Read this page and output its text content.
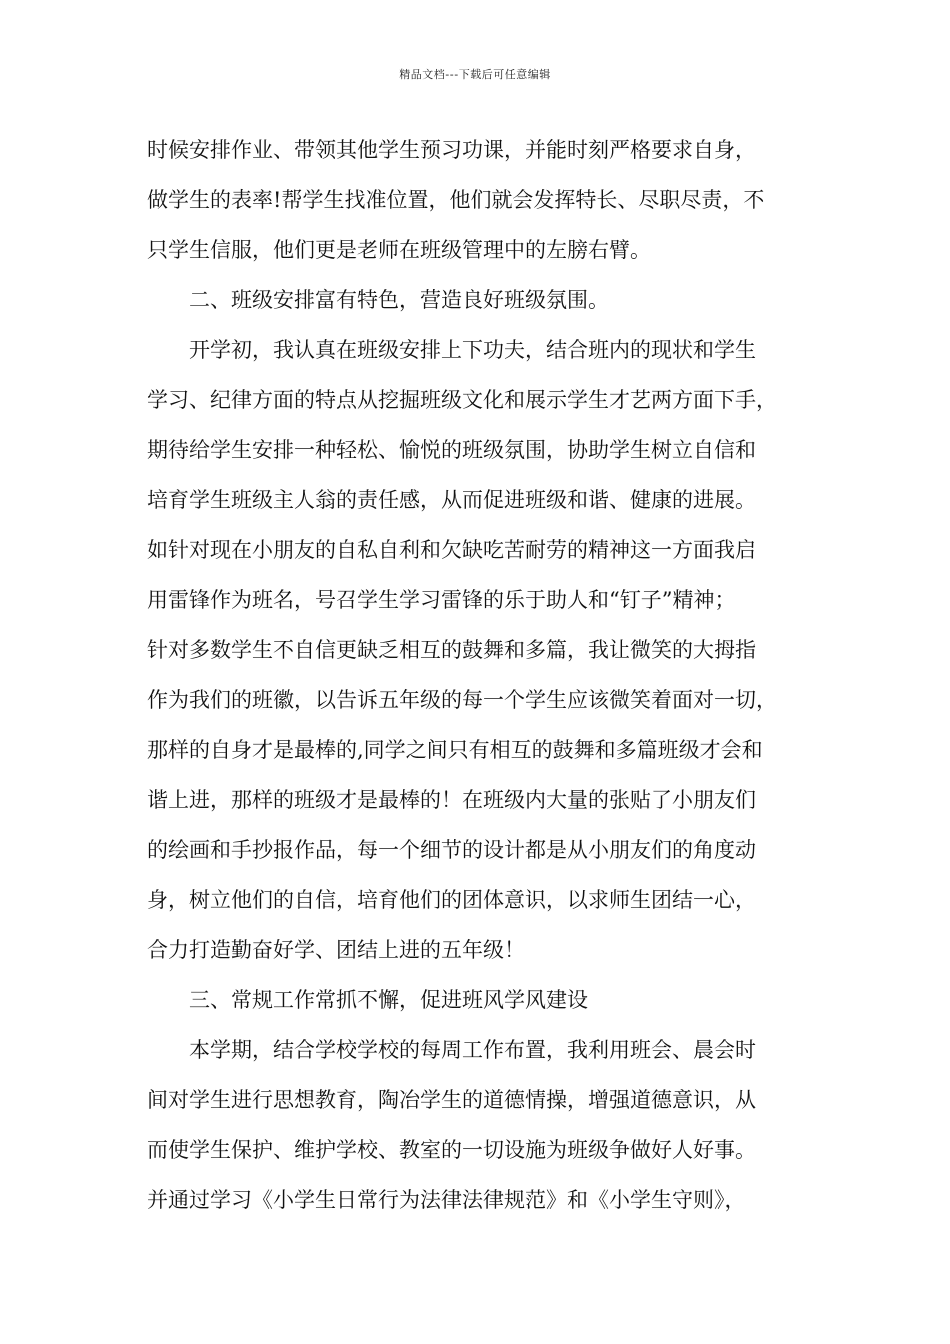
精品文档---下载后可任意编辑
时候安排作业、带领其他学生预习功课，并能时刻严格要求自身，
做学生的表率!帮学生找准位置，他们就会发挥特长、尽职尽责，不
只学生信服，他们更是老师在班级管理中的左膀右臂。
二、班级安排富有特色，营造良好班级氛围。
开学初，我认真在班级安排上下功夫，结合班内的现状和学生
学习、纪律方面的特点从挖掘班级文化和展示学生才艺两方面下手，
期待给学生安排一种轻松、愉悦的班级氛围，协助学生树立自信和
培育学生班级主人翁的责任感，从而促进班级和谐、健康的进展。
如针对现在小朋友的自私自利和欠缺吃苦耐劳的精神这一方面我启
用雷锋作为班名，号召学生学习雷锋的乐于助人和“钉子”精神；
针对多数学生不自信更缺乏相互的鼓舞和多篇，我让微笑的大拇指
作为我们的班徽，以告诉五年级的每一个学生应该微笑着面对一切，
那样的自身才是最棒的,同学之间只有相互的鼓舞和多篇班级才会和
谐上进，那样的班级才是最棒的！在班级内大量的张贴了小朋友们
的绘画和手抄报作品，每一个细节的设计都是从小朋友们的角度动
身，树立他们的自信，培育他们的团体意识，以求师生团结一心，
合力打造勤奋好学、团结上进的五年级！
三、常规工作常抓不懈，促进班风学风建设
本学期，结合学校学校的每周工作布置，我利用班会、晨会时
间对学生进行思想教育，陶冶学生的道德情操，增强道德意识，从
而使学生保护、维护学校、教室的一切设施为班级争做好人好事。
并通过学习《小学生日常行为法律法律规范》和《小学生守则》，
